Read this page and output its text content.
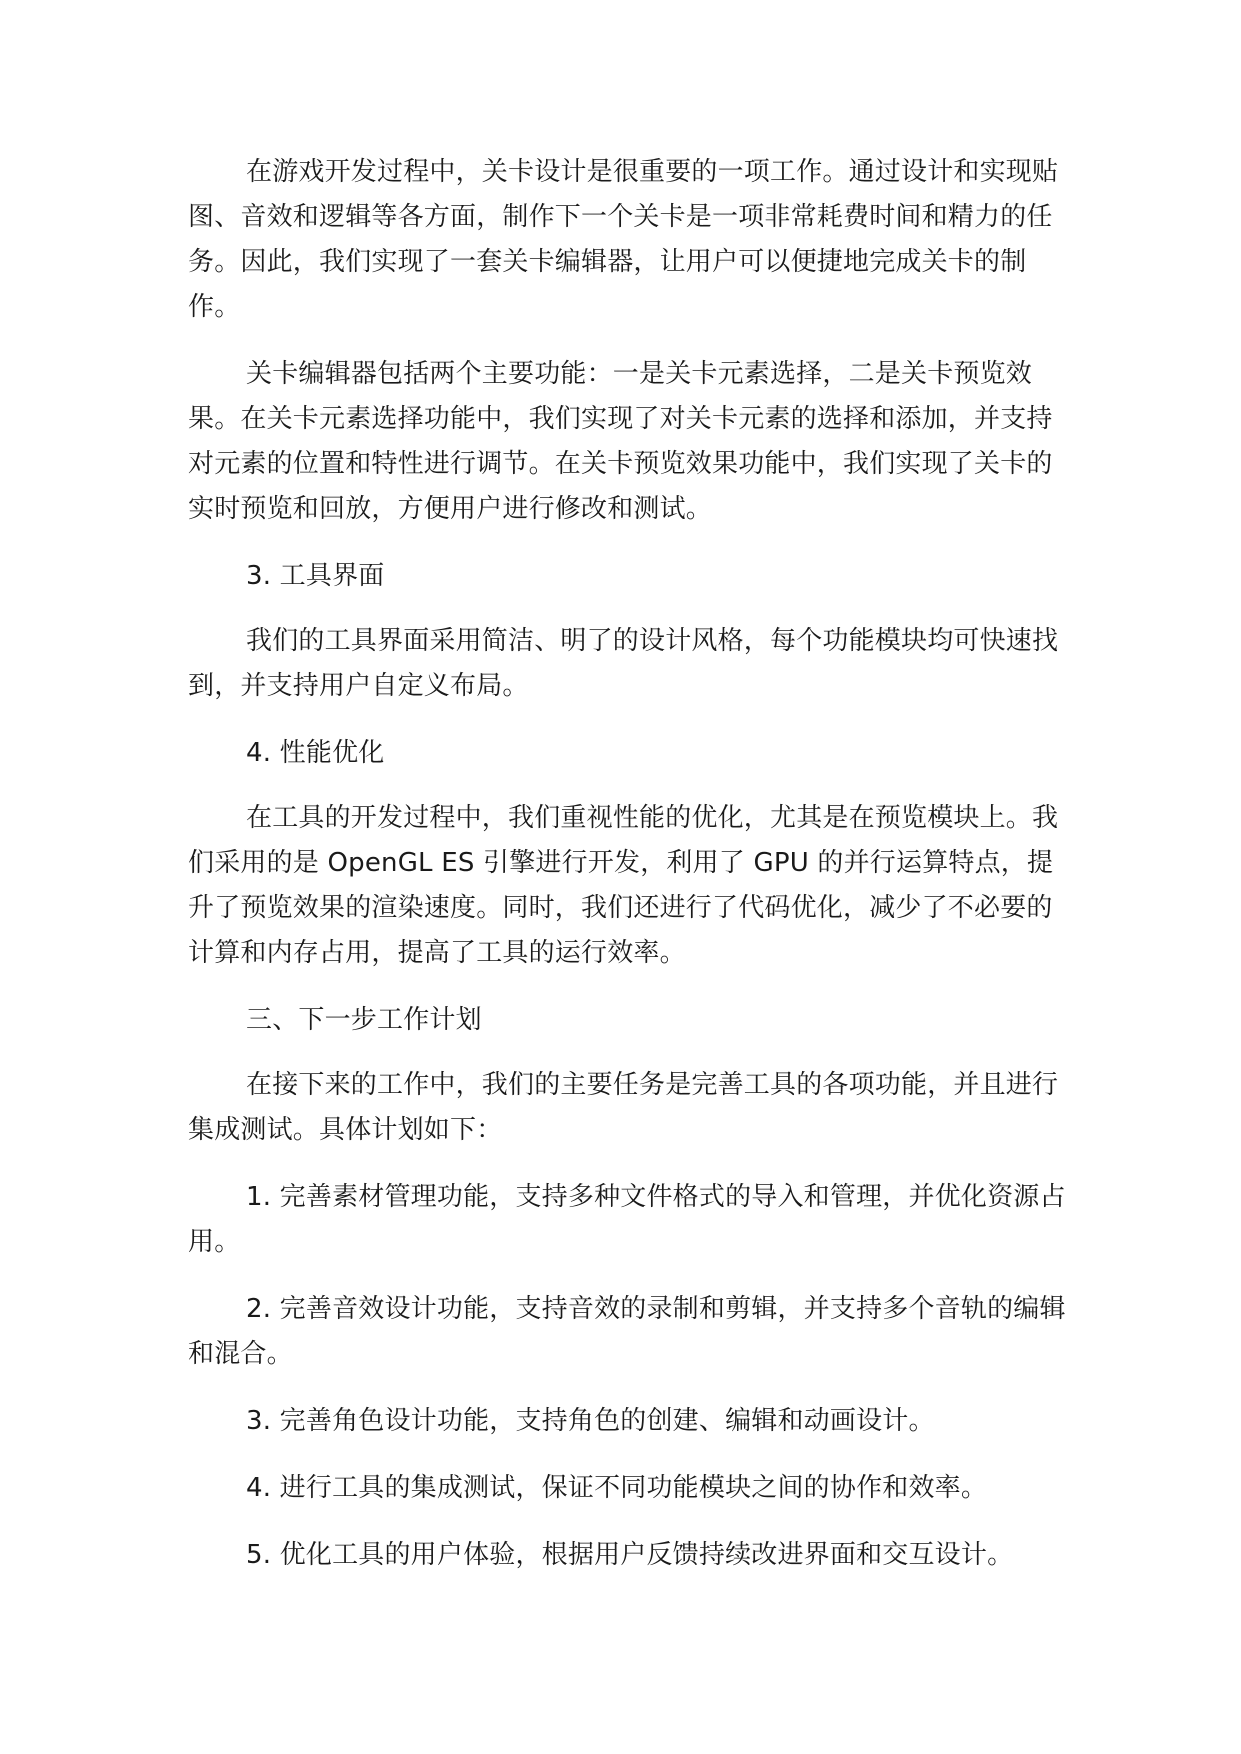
在游戏开发过程中，关卡设计是很重要的一项工作。通过设计和实现贴图、音效和逻辑等各方面，制作下一个关卡是一项非常耗费时间和精力的任务。因此，我们实现了一套关卡编辑器，让用户可以便捷地完成关卡的制作。

关卡编辑器包括两个主要功能：一是关卡元素选择，二是关卡预览效果。在关卡元素选择功能中，我们实现了对关卡元素的选择和添加，并支持对元素的位置和特性进行调节。在关卡预览效果功能中，我们实现了关卡的实时预览和回放，方便用户进行修改和测试。

3. 工具界面

我们的工具界面采用简洁、明了的设计风格，每个功能模块均可快速找到，并支持用户自定义布局。

4. 性能优化

在工具的开发过程中，我们重视性能的优化，尤其是在预览模块上。我们采用的是 OpenGL ES 引擎进行开发，利用了 GPU 的并行运算特点，提升了预览效果的渲染速度。同时，我们还进行了代码优化，减少了不必要的计算和内存占用，提高了工具的运行效率。

三、下一步工作计划

在接下来的工作中，我们的主要任务是完善工具的各项功能，并且进行集成测试。具体计划如下：

1. 完善素材管理功能，支持多种文件格式的导入和管理，并优化资源占用。

2. 完善音效设计功能，支持音效的录制和剪辑，并支持多个音轨的编辑和混合。

3. 完善角色设计功能，支持角色的创建、编辑和动画设计。

4. 进行工具的集成测试，保证不同功能模块之间的协作和效率。

5. 优化工具的用户体验，根据用户反馈持续改进界面和交互设计。
